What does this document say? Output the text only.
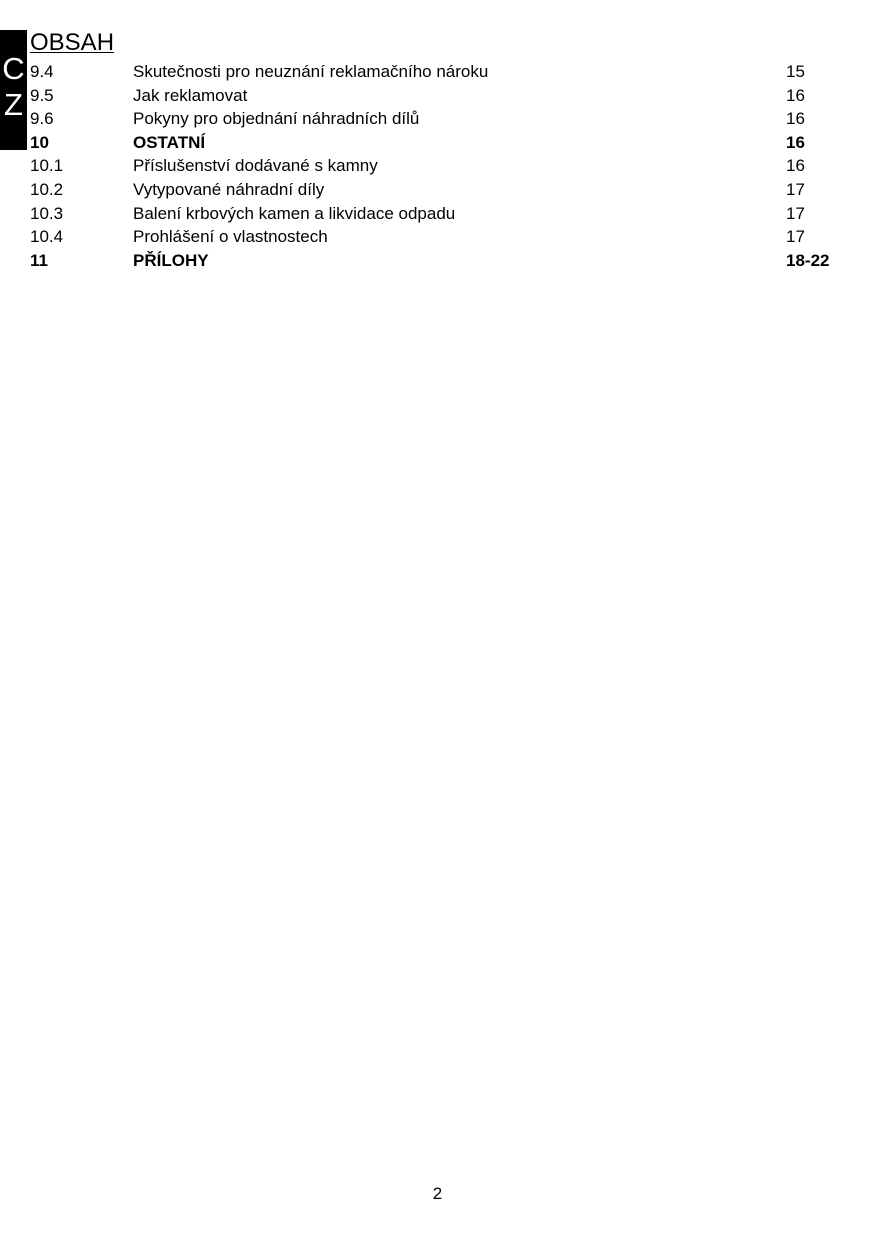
C
Z
OBSAH
9.4	Skutečnosti pro neuznání reklamačního nároku	15
9.5	Jak reklamovat	16
9.6	Pokyny pro objednání náhradních dílů	16
10	OSTATNÍ	16
10.1	Příslušenství dodávané s kamny	16
10.2	Vytypované náhradní díly	17
10.3	Balení krbových kamen a likvidace odpadu	17
10.4	Prohlášení o vlastnostech	17
11	PŘÍLOHY	18-22
2
